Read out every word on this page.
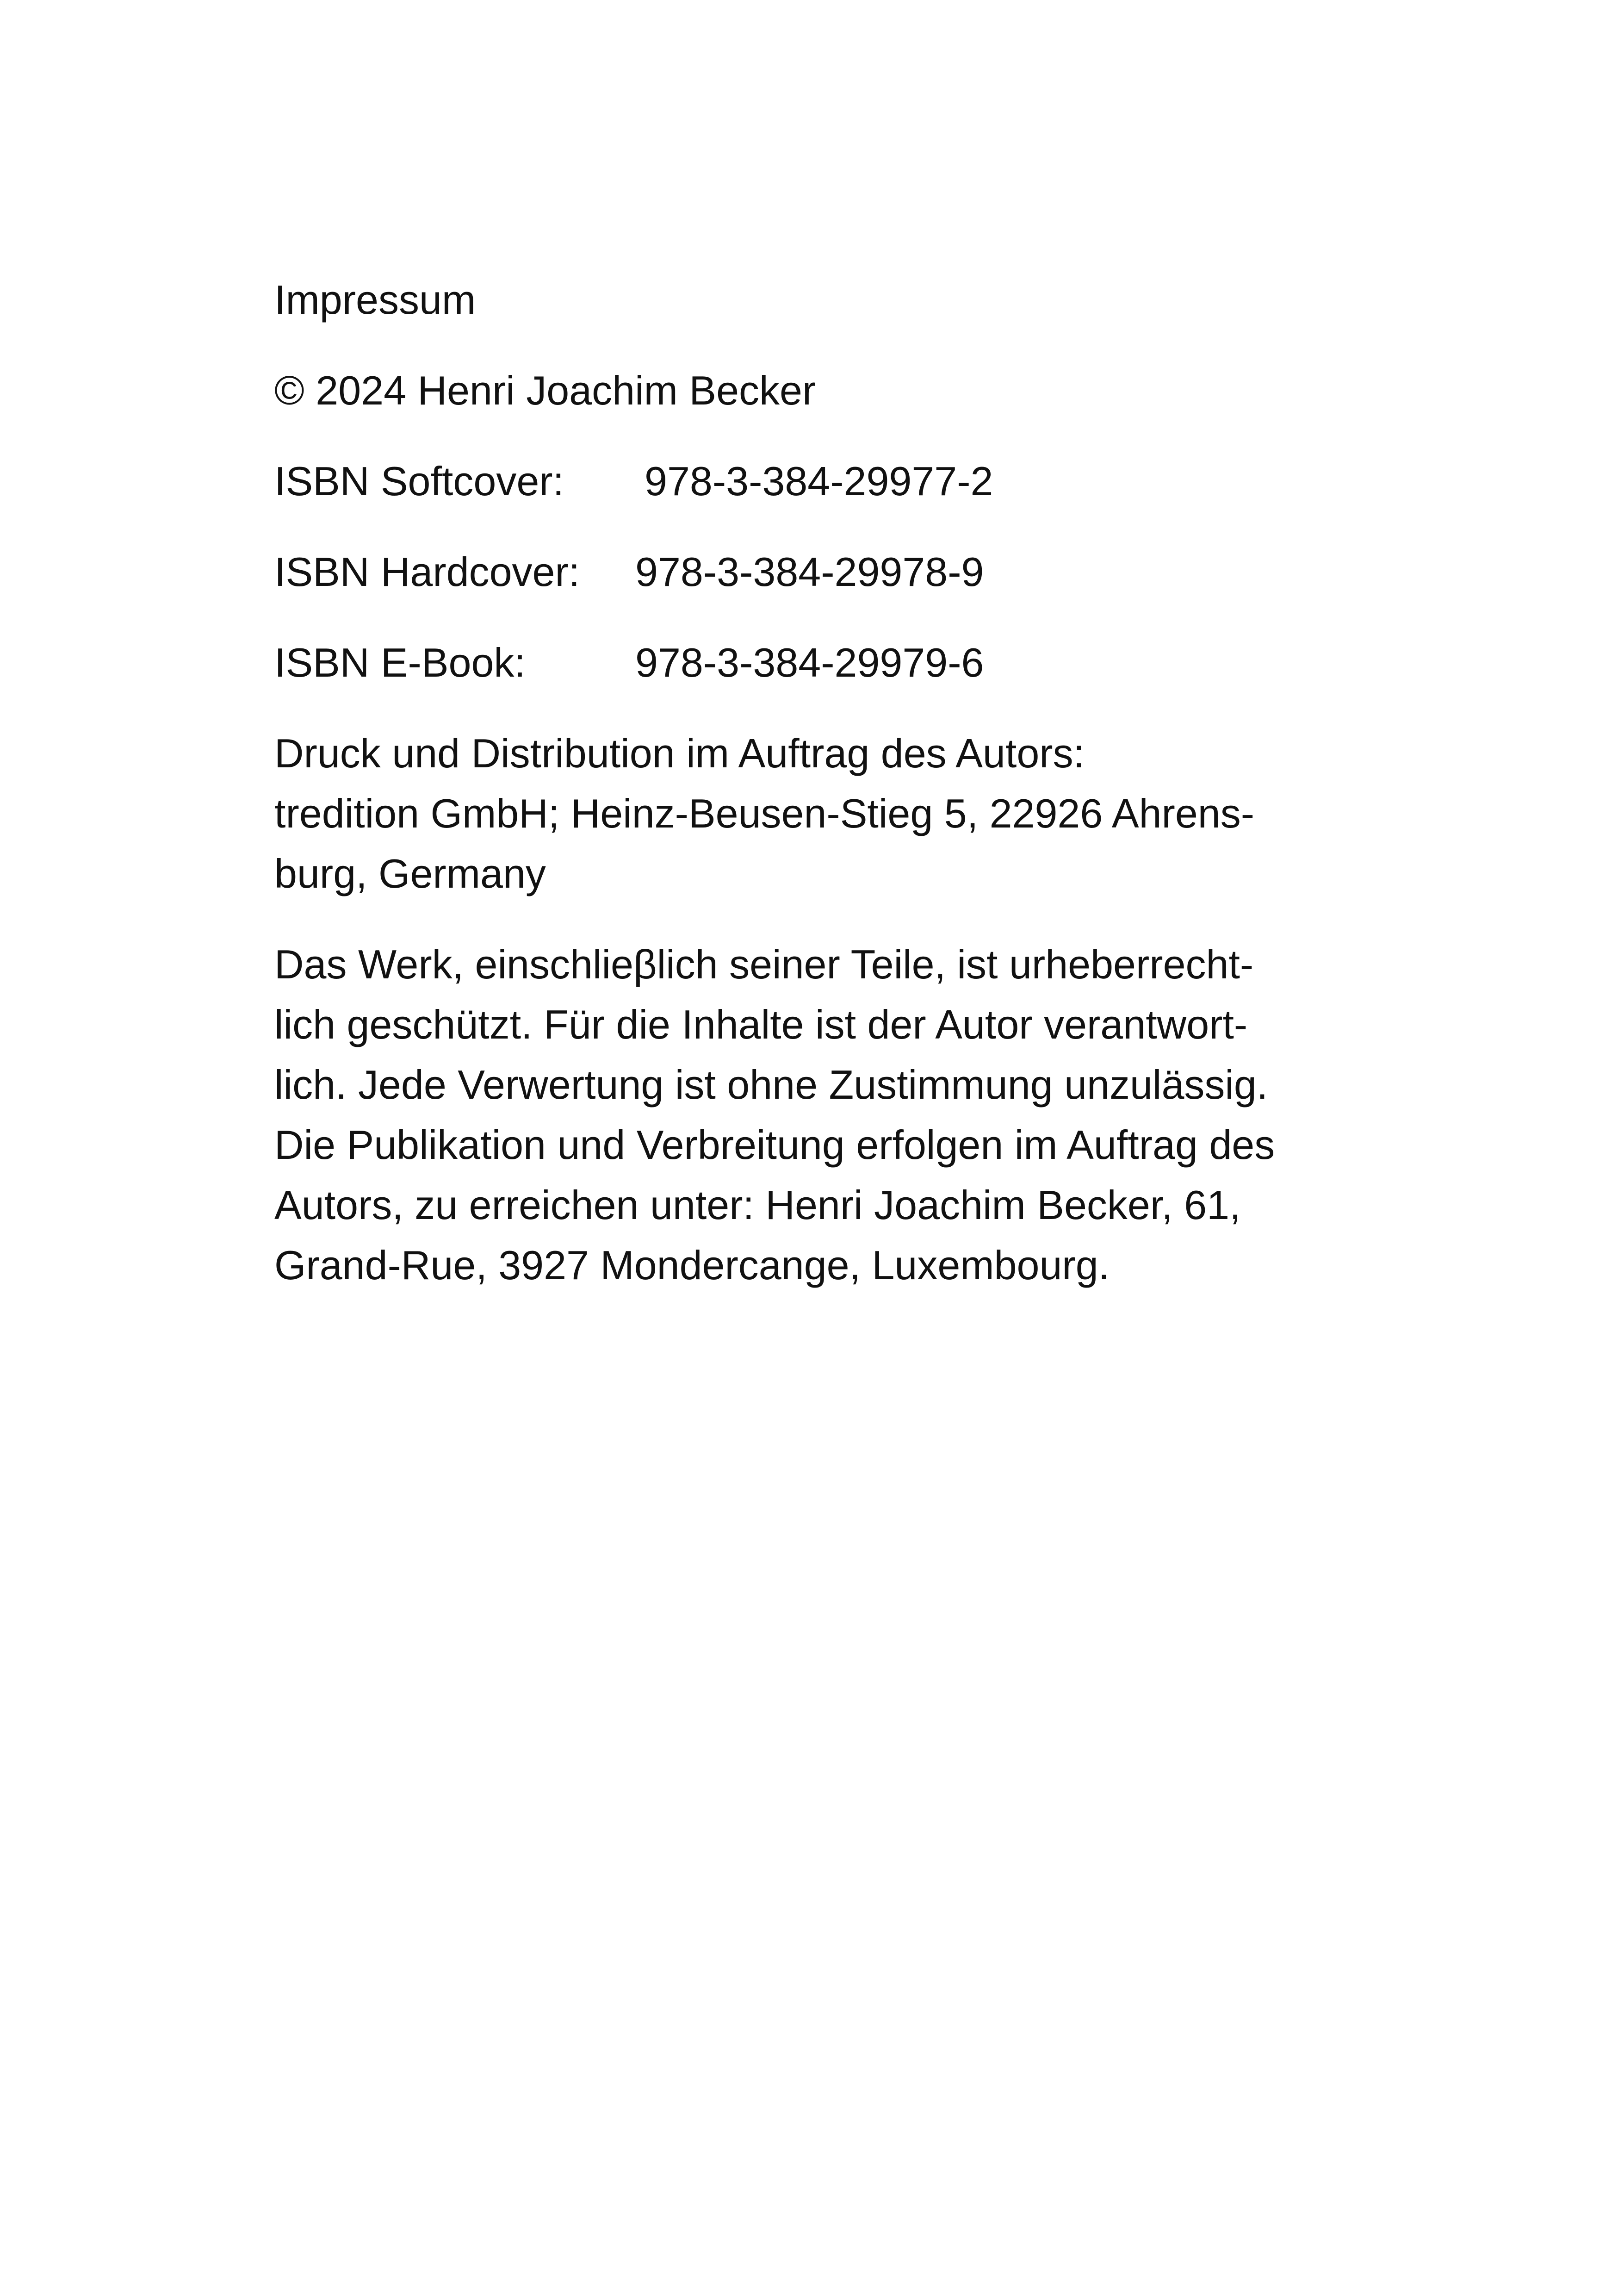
Impressum
© 2024 Henri Joachim Becker
ISBN Softcover:	978-3-384-29977-2
ISBN Hardcover:	978-3-384-29978-9
ISBN E-Book:	978-3-384-29979-6
Druck und Distribution im Auftrag des Autors:
tredition GmbH; Heinz-Beusen-Stieg 5, 22926 Ahrens-
burg, Germany
Das Werk, einschlieβlich seiner Teile, ist urheberrecht-
lich geschützt. Für die Inhalte ist der Autor verantwort-
lich. Jede Verwertung ist ohne Zustimmung unzulässig.
Die Publikation und Verbreitung erfolgen im Auftrag des
Autors, zu erreichen unter: Henri Joachim Becker, 61,
Grand-Rue, 3927 Mondercange, Luxembourg.
